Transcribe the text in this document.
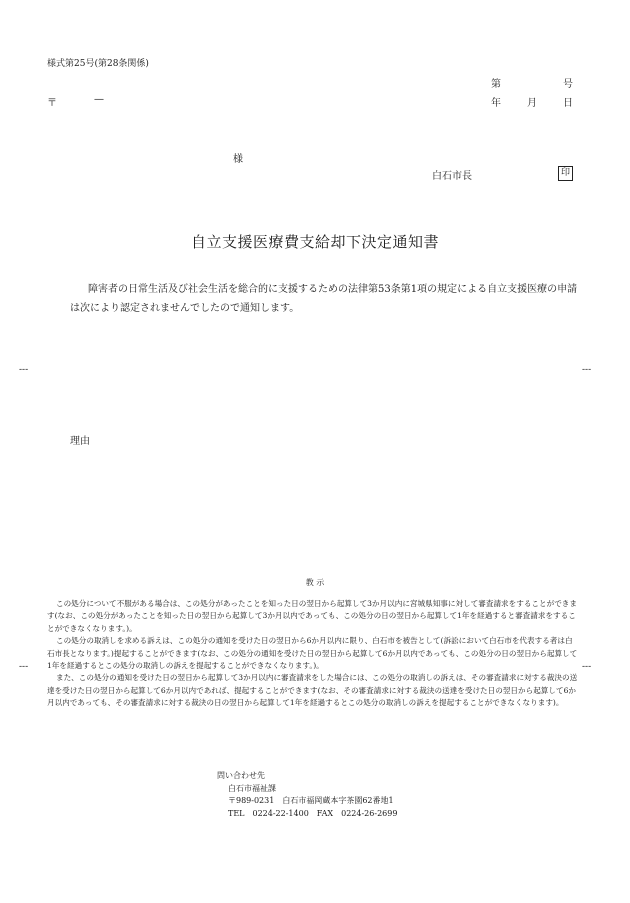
様式第25号(第28条関係)
第	号
〒	—	年	月	日
様
白石市長	印
自立支援医療費支給却下決定通知書
障害者の日常生活及び社会生活を総合的に支援するための法律第53条第1項の規定による自立支援医療の申請は次により認定されませんでしたので通知します。
---	---
理由
教 示

この処分について不服がある場合は、この処分があったことを知った日の翌日から起算して3か月以内に宮城県知事に対して審査請求をすることができます(なお、この処分があったことを知った日の翌日から起算して3か月以内であっても、この処分の日の翌日から起算して1年を経過すると審査請求をすることができなくなります。)。

この処分の取消しを求める訴えは、この処分の通知を受けた日の翌日から6か月以内に限り、白石市を被告として(訴訟において白石市を代表する者は白石市長となります。)提起することができます(なお、この処分の通知を受けた日の翌日から起算して6か月以内であっても、この処分の日の翌日から起算して1年を経過するとこの処分の取消しの訴えを提起することができなくなります。)。

また、この処分の通知を受けた日の翌日から起算して3か月以内に審査請求をした場合には、この処分の取消しの訴えは、その審査請求に対する裁決の送達を受けた日の翌日から起算して6か月以内であれば、提起することができます(なお、その審査請求に対する裁決の送達を受けた日の翌日から起算して6か月以内であっても、その審査請求に対する裁決の日の翌日から起算して1年を経過するとこの処分の取消しの訴えを提起することができなくなります)。

---	---
問い合わせ先
白石市福祉課
〒989-0231　白石市福岡蔵本字茶園62番地1
TEL　0224-22-1400　FAX　0224-26-2699
